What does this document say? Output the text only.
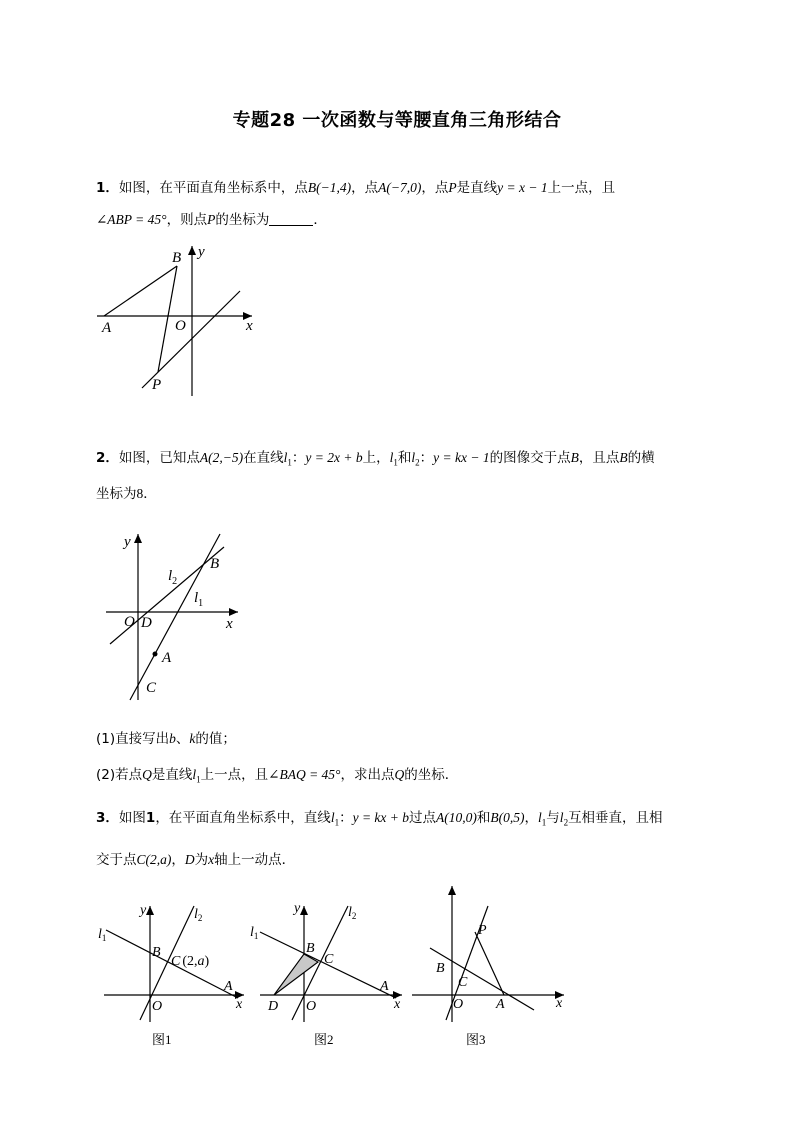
专题28 一次函数与等腰直角三角形结合
1．如图，在平面直角坐标系中，点B(−1,4)，点A(−7,0)，点P是直线y = x − 1上一点，且
∠ABP = 45°，则点P的坐标为	．
B y
A	O	x
P
2．如图，已知点A(2,−5)在直线$l_1$：y = 2x + b上，$l_1$和$l_2$：y = kx − 1的图像交于点B，且点B的横
坐标为8．
y
$l_2$
B
$l_1$
O D	x
A
C
(1)直接写出b、k的值；
(2)若点Q是直线$l_1$上一点，且∠BAQ = 45°，求出点Q的坐标．
3．如图1，在平面直角坐标系中，直线$l_1$：y = kx + b过点A(10,0)和B(0,5)，$l_1$与$l_2$互相垂直，且相
交于点C(2,a)，D为x轴上一动点．
y	$l_2$
$l_1$
B
C (2,a)
A
O	x
图1
y	$l_2$
$l_1$
B
C
A
D O	x
图2
P
B
C
O A	x
图3
